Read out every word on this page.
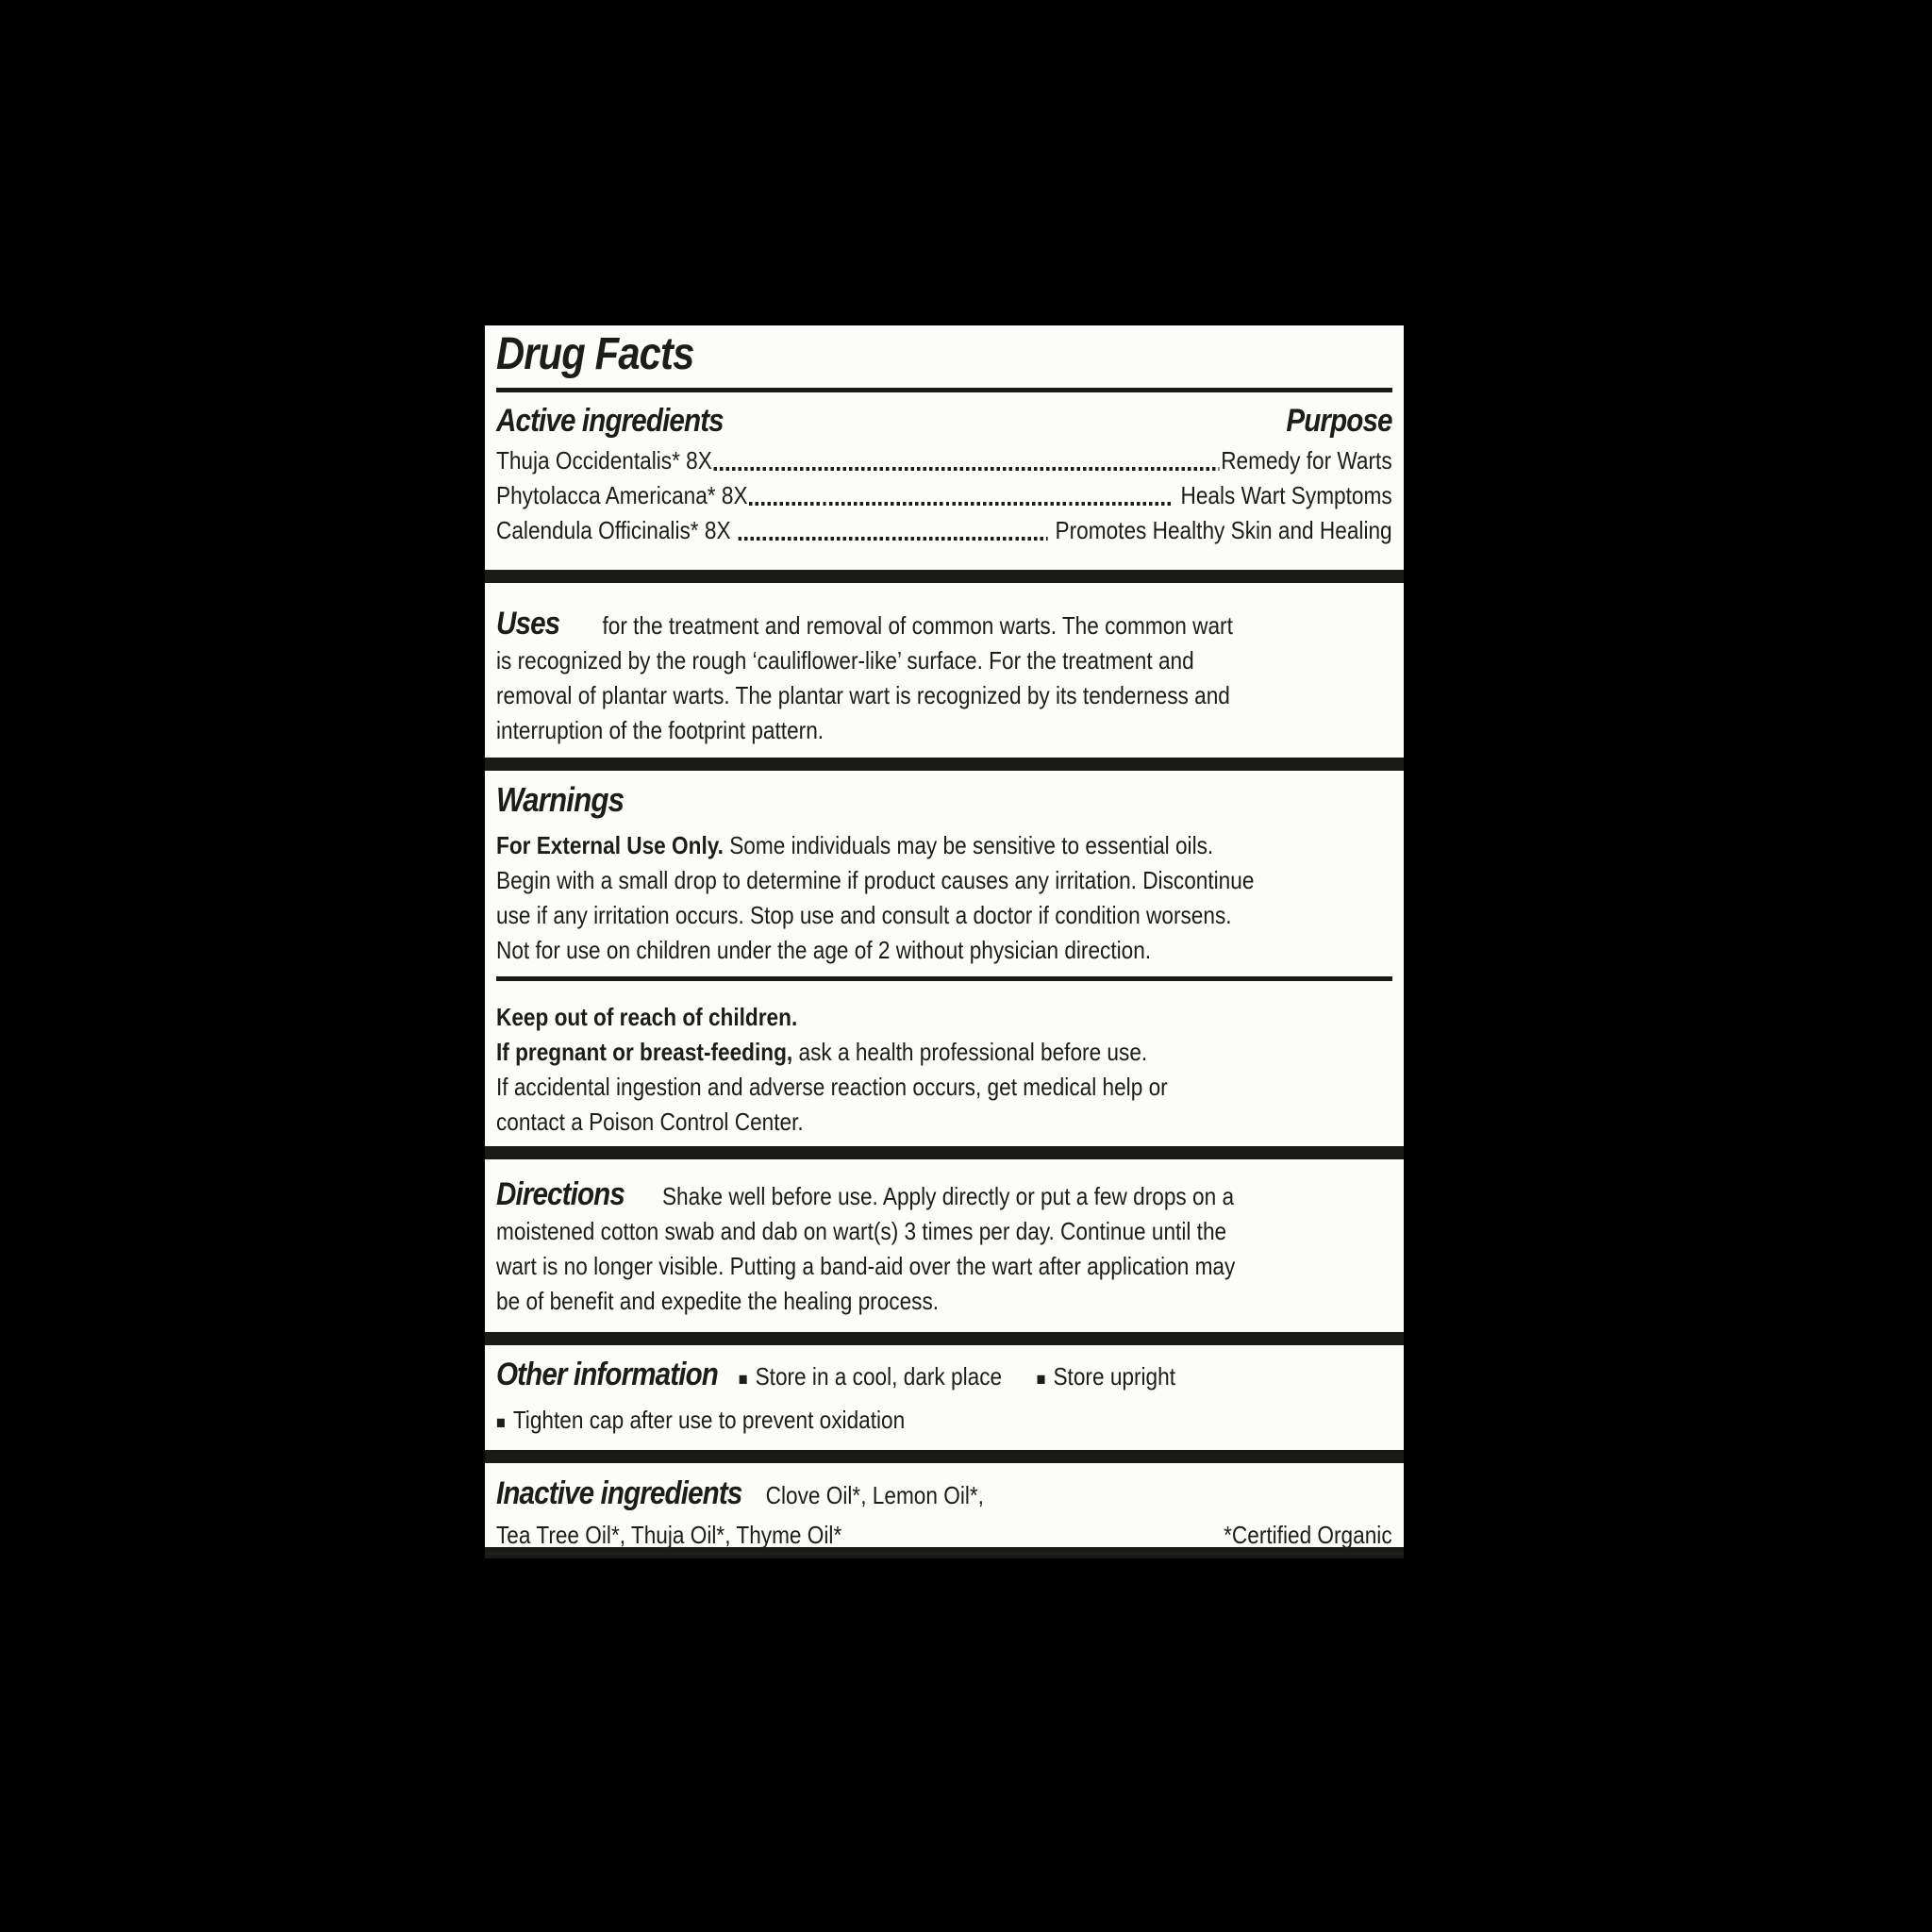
Drug Facts
Active ingredients	Purpose
Thuja Occidentalis* 8X	Remedy for Warts
Phytolacca Americana* 8X	Heals Wart Symptoms
Calendula Officinalis* 8X	Promotes Healthy Skin and Healing
Uses for the treatment and removal of common warts. The common wart
is recognized by the rough ‘cauliflower-like’ surface. For the treatment and
removal of plantar warts. The plantar wart is recognized by its tenderness and
interruption of the footprint pattern.
Warnings
For External Use Only. Some individuals may be sensitive to essential oils.
Begin with a small drop to determine if product causes any irritation. Discontinue
use if any irritation occurs. Stop use and consult a doctor if condition worsens.
Not for use on children under the age of 2 without physician direction.
Keep out of reach of children.
If pregnant or breast-feeding, ask a health professional before use.
If accidental ingestion and adverse reaction occurs, get medical help or
contact a Poison Control Center.
Directions Shake well before use. Apply directly or put a few drops on a
moistened cotton swab and dab on wart(s) 3 times per day. Continue until the
wart is no longer visible. Putting a band-aid over the wart after application may
be of benefit and expedite the healing process.
Other information	■ Store in a cool, dark place	■ Store upright
■ Tighten cap after use to prevent oxidation
Inactive ingredients Clove Oil*, Lemon Oil*,
Tea Tree Oil*, Thuja Oil*, Thyme Oil*	*Certified Organic
